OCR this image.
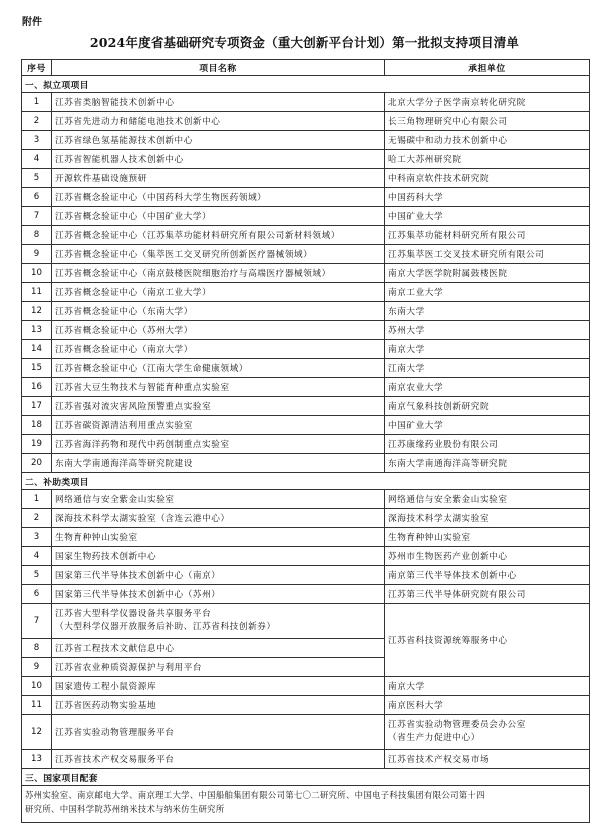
附件
2024年度省基础研究专项资金（重大创新平台计划）第一批拟支持项目清单
序号	项目名称	承担单位
一、拟立项项目		
1	江苏省类脑智能技术创新中心	北京大学分子医学南京转化研究院
2	江苏省先进动力和储能电池技术创新中心	长三角物理研究中心有限公司
3	江苏省绿色氢基能源技术创新中心	无锡碳中和动力技术创新中心
4	江苏省智能机器人技术创新中心	哈工大苏州研究院
5	开源软件基础设施预研	中科南京软件技术研究院
6	江苏省概念验证中心（中国药科大学生物医药领域）	中国药科大学
7	江苏省概念验证中心（中国矿业大学）	中国矿业大学
8	江苏省概念验证中心（江苏集萃功能材料研究所有限公司新材料领域）	江苏集萃功能材料研究所有限公司
9	江苏省概念验证中心（集萃医工交叉研究所创新医疗器械领域）	江苏集萃医工交叉技术研究所有限公司
10	江苏省概念验证中心（南京鼓楼医院细胞治疗与高端医疗器械领域）	南京大学医学院附属鼓楼医院
11	江苏省概念验证中心（南京工业大学）	南京工业大学
12	江苏省概念验证中心（东南大学）	东南大学
13	江苏省概念验证中心（苏州大学）	苏州大学
14	江苏省概念验证中心（南京大学）	南京大学
15	江苏省概念验证中心（江南大学生命健康领域）	江南大学
16	江苏省大豆生物技术与智能育种重点实验室	南京农业大学
17	江苏省强对流灾害风险预警重点实验室	南京气象科技创新研究院
18	江苏省碳资源清洁利用重点实验室	中国矿业大学
19	江苏省海洋药物和现代中药创制重点实验室	江苏康缘药业股份有限公司
20	东南大学南通海洋高等研究院建设	东南大学南通海洋高等研究院
二、补助类项目		
1	网络通信与安全紫金山实验室	网络通信与安全紫金山实验室
2	深海技术科学太湖实验室（含连云港中心）	深海技术科学太湖实验室
3	生物育种钟山实验室	生物育种钟山实验室
4	国家生物药技术创新中心	苏州市生物医药产业创新中心
5	国家第三代半导体技术创新中心（南京）	南京第三代半导体技术创新中心
6	国家第三代半导体技术创新中心（苏州）	江苏第三代半导体研究院有限公司
7	江苏省大型科学仪器设备共享服务平台
（大型科学仪器开放服务后补助、江苏省科技创新券）	江苏省科技资源统筹服务中心
8	江苏省工程技术文献信息中心	
9	江苏省农业种质资源保护与利用平台	
10	国家遗传工程小鼠资源库	南京大学
11	江苏省医药动物实验基地	南京医科大学
12	江苏省实验动物管理服务平台	江苏省实验动物管理委员会办公室
（省生产力促进中心）

13	江苏省技术产权交易服务平台	江苏省技术产权交易市场
三、国家项目配套		

苏州实验室、南京邮电大学、南京理工大学、中国船舶集团有限公司第七〇二研究所、中国电子科技集团有限公司第十四
研究所、中国科学院苏州纳米技术与纳米仿生研究所		
